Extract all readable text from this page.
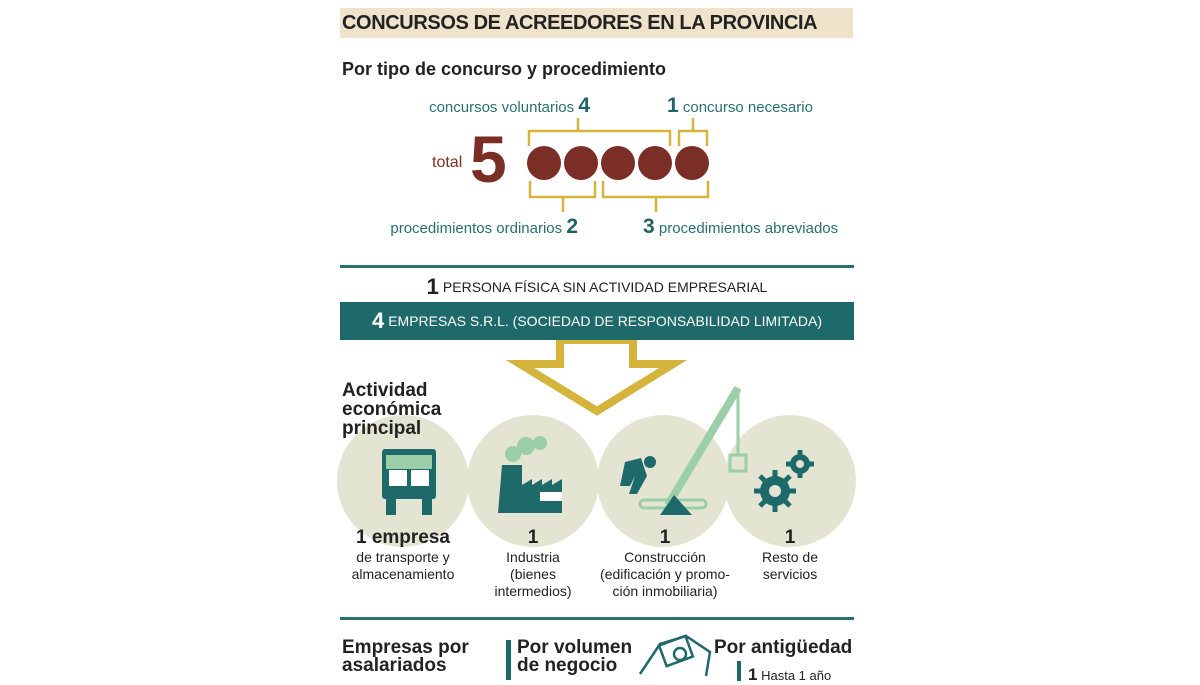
CONCURSOS DE ACREEDORES EN LA PROVINCIA
Por tipo de concurso y procedimiento
concursos voluntarios 4	1 concurso necesario
total 5
procedimientos ordinarios 2	3 procedimientos abreviados
1 PERSONA FÍSICA SIN ACTIVIDAD EMPRESARIAL
4 EMPRESAS S.R.L. (SOCIEDAD DE RESPONSABILIDAD LIMITADA)
Actividad
económica
principal
1 empresa
de transporte y
almacenamiento
1
Industria
(bienes
intermedios)
1
Construcción
(edificación y promo-
ción inmobiliaria)
1
Resto de
servicios
Empresas por
asalariados
Por volumen
de negocio
Por antigüedad
1 Hasta 1 año
